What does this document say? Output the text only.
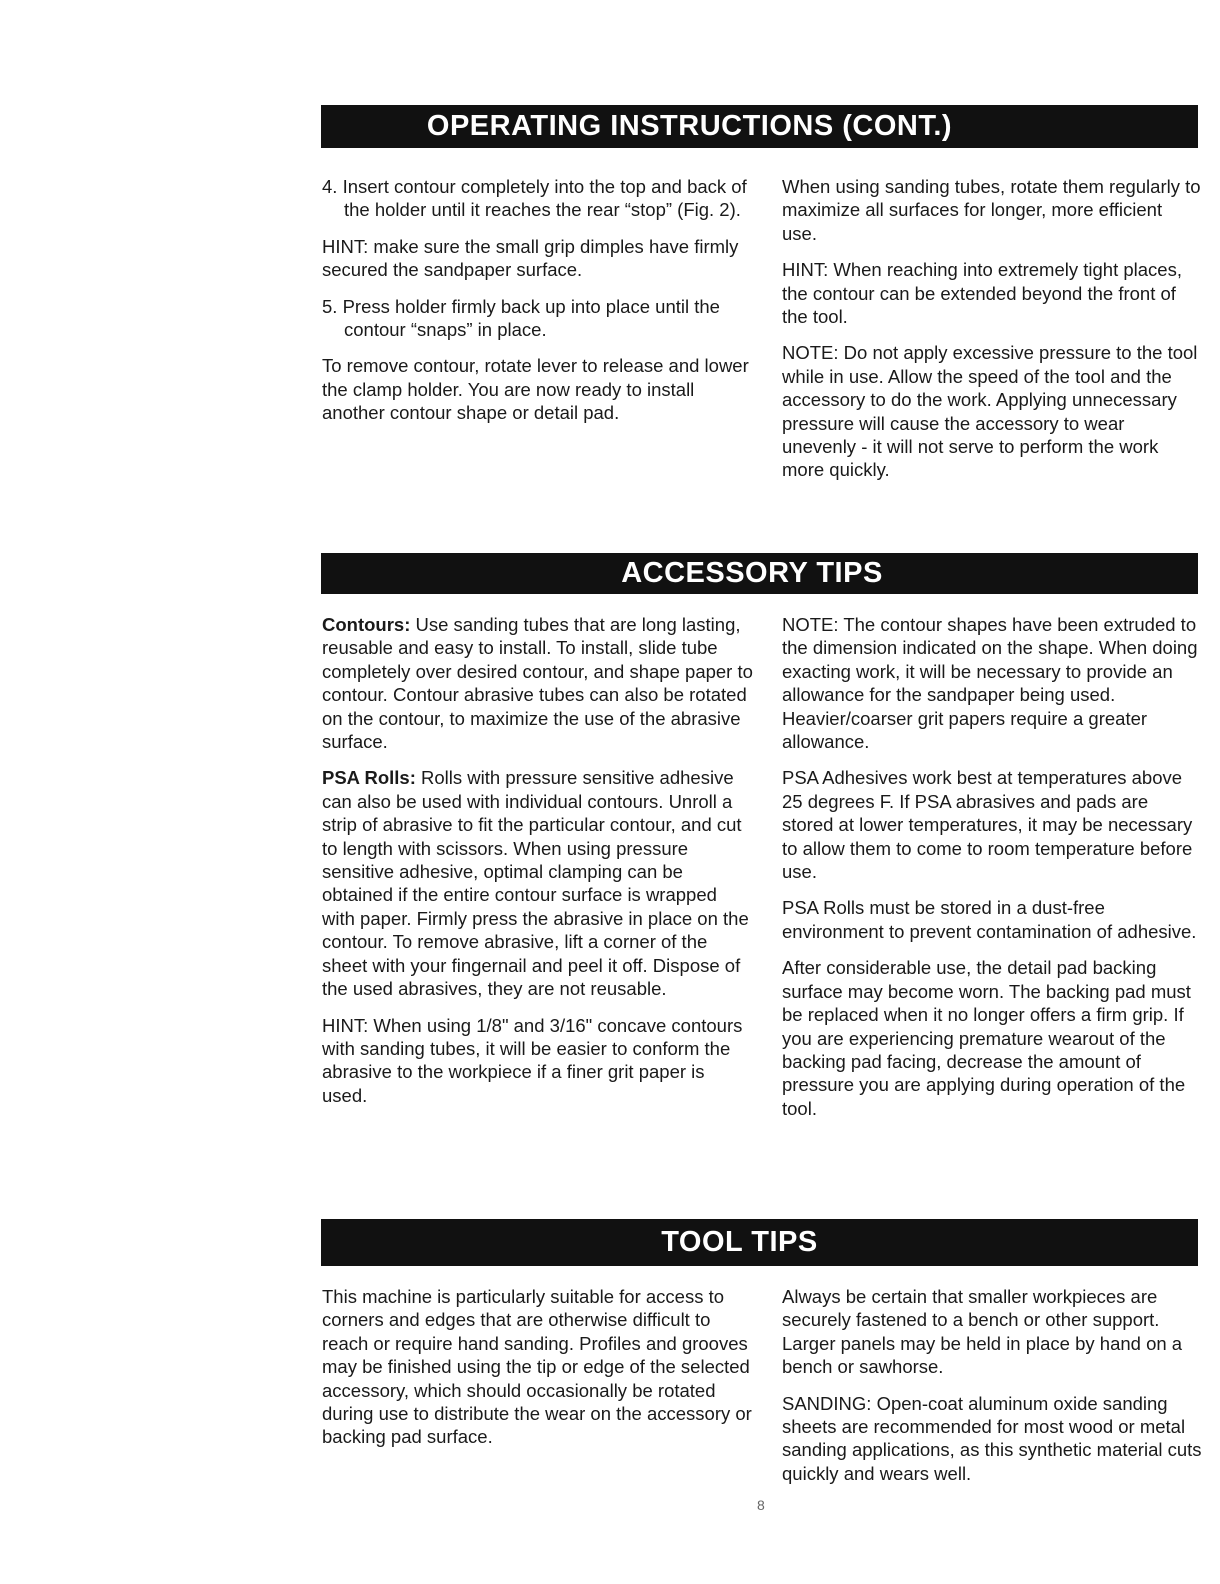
OPERATING INSTRUCTIONS (CONT.)

4. Insert contour completely into the top and back of the holder until it reaches the rear “stop” (Fig. 2).

HINT: make sure the small grip dimples have firmly secured the sandpaper surface.

5. Press holder firmly back up into place until the contour “snaps” in place.

To remove contour, rotate lever to release and lower the clamp holder. You are now ready to install another contour shape or detail pad.

When using sanding tubes, rotate them regularly to maximize all surfaces for longer, more efficient use.

HINT: When reaching into extremely tight places, the contour can be extended beyond the front of the tool.

NOTE: Do not apply excessive pressure to the tool while in use. Allow the speed of the tool and the accessory to do the work. Applying unnecessary pressure will cause the accessory to wear unevenly - it will not serve to perform the work more quickly.

ACCESSORY TIPS

Contours: Use sanding tubes that are long lasting, reusable and easy to install. To install, slide tube completely over desired contour, and shape paper to contour. Contour abrasive tubes can also be rotated on the contour, to maximize the use of the abrasive surface.

PSA Rolls: Rolls with pressure sensitive adhesive can also be used with individual contours. Unroll a strip of abrasive to fit the particular contour, and cut to length with scissors. When using pressure sensitive adhesive, optimal clamping can be obtained if the entire contour surface is wrapped with paper. Firmly press the abrasive in place on the contour. To remove abrasive, lift a corner of the sheet with your fingernail and peel it off. Dispose of the used abrasives, they are not reusable.

HINT: When using 1/8" and 3/16" concave contours with sanding tubes, it will be easier to conform the abrasive to the workpiece if a finer grit paper is used.

NOTE: The contour shapes have been extruded to the dimension indicated on the shape. When doing exacting work, it will be necessary to provide an allowance for the sandpaper being used. Heavier/coarser grit papers require a greater allowance.

PSA Adhesives work best at temperatures above 25 degrees F. If PSA abrasives and pads are stored at lower temperatures, it may be necessary to allow them to come to room temperature before use.

PSA Rolls must be stored in a dust-free environment to prevent contamination of adhesive.

After considerable use, the detail pad backing surface may become worn. The backing pad must be replaced when it no longer offers a firm grip. If you are experiencing premature wearout of the backing pad facing, decrease the amount of pressure you are applying during operation of the tool.

TOOL TIPS

This machine is particularly suitable for access to corners and edges that are otherwise difficult to reach or require hand sanding. Profiles and grooves may be finished using the tip or edge of the selected accessory, which should occasionally be rotated during use to distribute the wear on the accessory or backing pad surface.

Always be certain that smaller workpieces are securely fastened to a bench or other support. Larger panels may be held in place by hand on a bench or sawhorse.

SANDING: Open-coat aluminum oxide sanding sheets are recommended for most wood or metal sanding applications, as this synthetic material cuts quickly and wears well.

8
